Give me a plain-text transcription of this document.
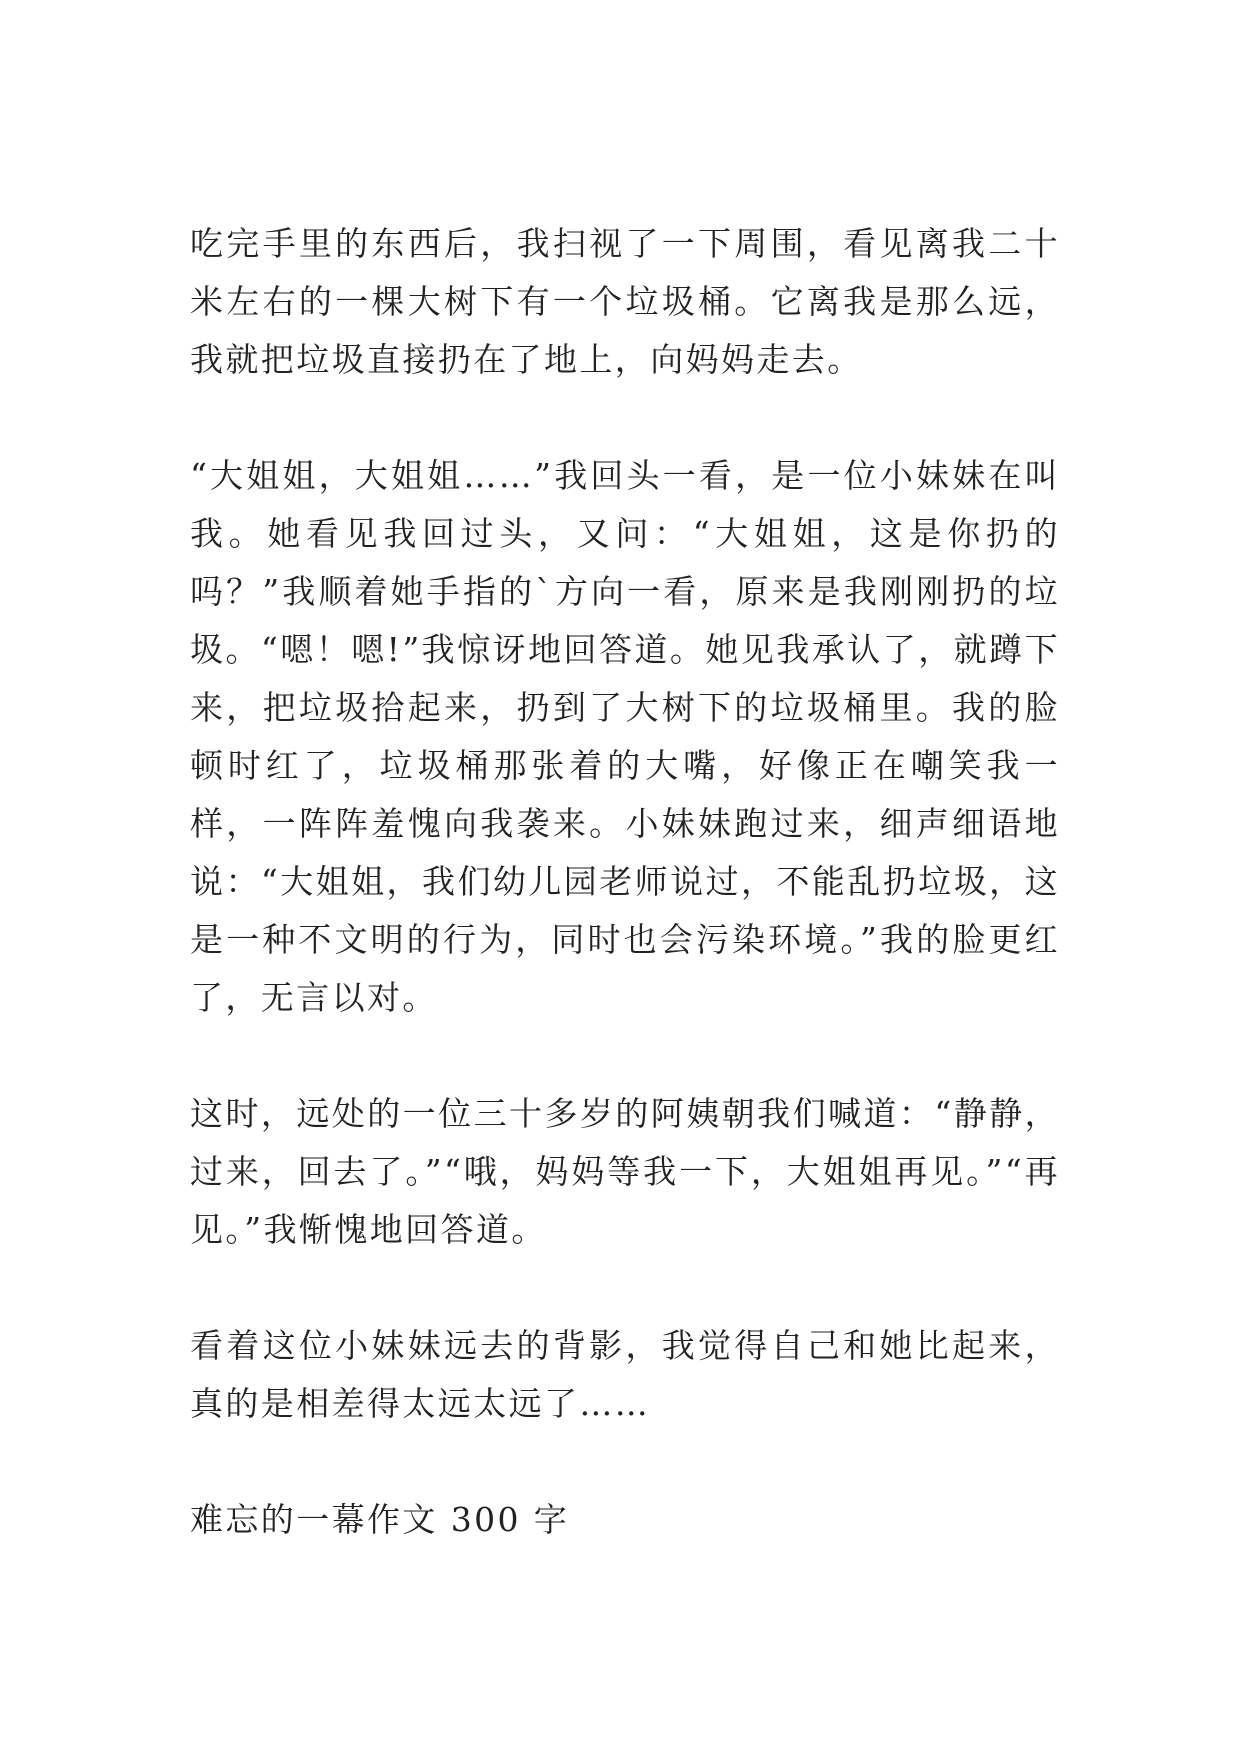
吃完手里的东西后，我扫视了一下周围，看见离我二十米左右的一棵大树下有一个垃圾桶。它离我是那么远，我就把垃圾直接扔在了地上，向妈妈走去。

“大姐姐，大姐姐……”我回头一看，是一位小妹妹在叫我。她看见我回过头，又问：“大姐姐，这是你扔的吗？”我顺着她手指的`方向一看，原来是我刚刚扔的垃圾。“嗯！嗯!”我惊讶地回答道。她见我承认了，就蹲下来，把垃圾拾起来，扔到了大树下的垃圾桶里。我的脸顿时红了，垃圾桶那张着的大嘴，好像正在嘲笑我一样，一阵阵羞愧向我袭来。小妹妹跑过来，细声细语地说：“大姐姐，我们幼儿园老师说过，不能乱扔垃圾，这是一种不文明的行为，同时也会污染环境。”我的脸更红了，无言以对。

这时，远处的一位三十多岁的阿姨朝我们喊道：“静静，过来，回去了。”“哦，妈妈等我一下，大姐姐再见。”“再见。”我惭愧地回答道。

看着这位小妹妹远去的背影，我觉得自己和她比起来，真的是相差得太远太远了……

难忘的一幕作文 300 字
